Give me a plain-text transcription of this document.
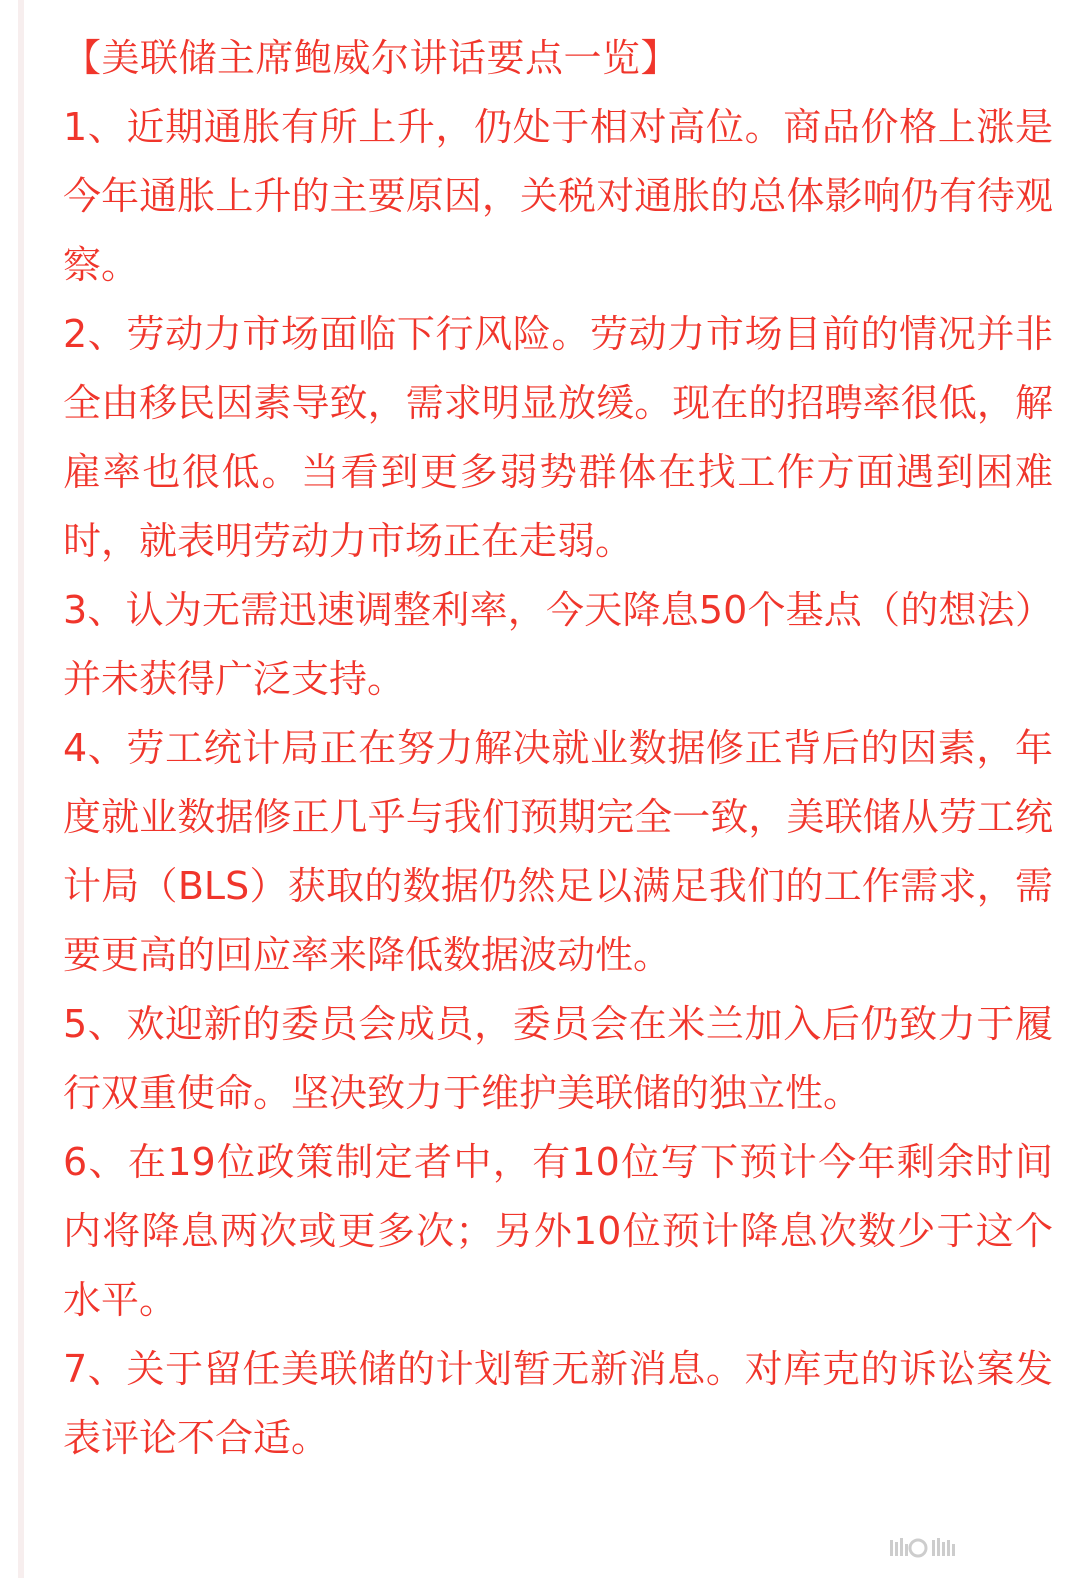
【美联储主席鲍威尔讲话要点一览】

1、近期通胀有所上升，仍处于相对高位。商品价格上涨是今年通胀上升的主要原因，关税对通胀的总体影响仍有待观察。

2、劳动力市场面临下行风险。劳动力市场目前的情况并非全由移民因素导致，需求明显放缓。现在的招聘率很低，解雇率也很低。当看到更多弱势群体在找工作方面遇到困难时，就表明劳动力市场正在走弱。

3、认为无需迅速调整利率，今天降息50个基点（的想法）并未获得广泛支持。

4、劳工统计局正在努力解决就业数据修正背后的因素，年度就业数据修正几乎与我们预期完全一致，美联储从劳工统计局（BLS）获取的数据仍然足以满足我们的工作需求，需要更高的回应率来降低数据波动性。

5、欢迎新的委员会成员，委员会在米兰加入后仍致力于履行双重使命。坚决致力于维护美联储的独立性。

6、在19位政策制定者中，有10位写下预计今年剩余时间内将降息两次或更多次；另外10位预计降息次数少于这个水平。

7、关于留任美联储的计划暂无新消息。对库克的诉讼案发表评论不合适。
